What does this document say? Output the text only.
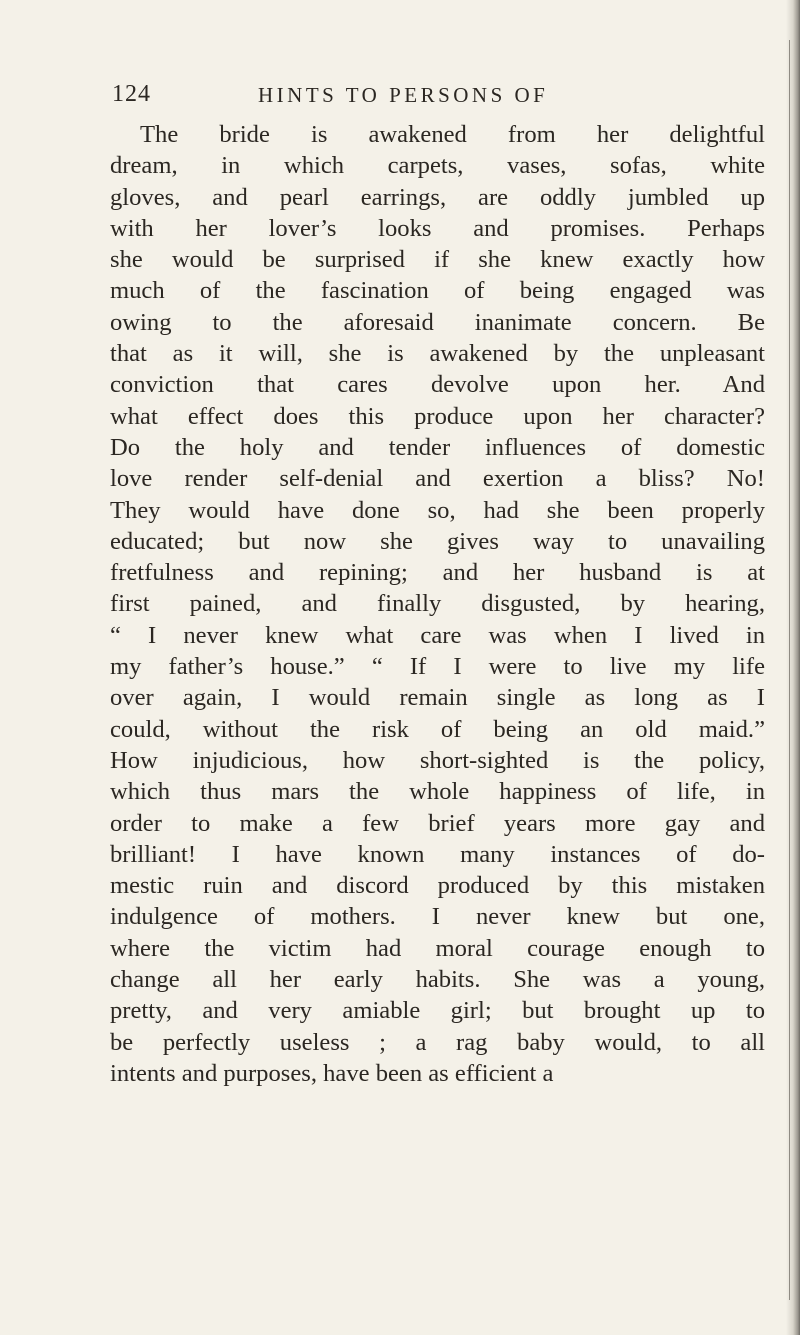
124	HINTS TO PERSONS OF
The bride is awakened from her delightful
dream, in which carpets, vases, sofas, white
gloves, and pearl earrings, are oddly jumbled up
with her lover’s looks and promises. Perhaps
she would be surprised if she knew exactly how
much of the fascination of being engaged was
owing to the aforesaid inanimate concern. Be
that as it will, she is awakened by the unpleasant
conviction that cares devolve upon her. And
what effect does this produce upon her character?
Do the holy and tender influences of domestic
love render self-denial and exertion a bliss? No!
They would have done so, had she been properly
educated; but now she gives way to unavailing
fretfulness and repining; and her husband is at
first pained, and finally disgusted, by hearing,
“ I never knew what care was when I lived in
my father’s house.” “ If I were to live my life
over again, I would remain single as long as I
could, without the risk of being an old maid.”
How injudicious, how short-sighted is the policy,
which thus mars the whole happiness of life, in
order to make a few brief years more gay and
brilliant! I have known many instances of do-
mestic ruin and discord produced by this mistaken
indulgence of mothers. I never knew but one,
where the victim had moral courage enough to
change all her early habits. She was a young,
pretty, and very amiable girl; but brought up to
be perfectly useless ; a rag baby would, to all
intents and purposes, have been as efficient a
